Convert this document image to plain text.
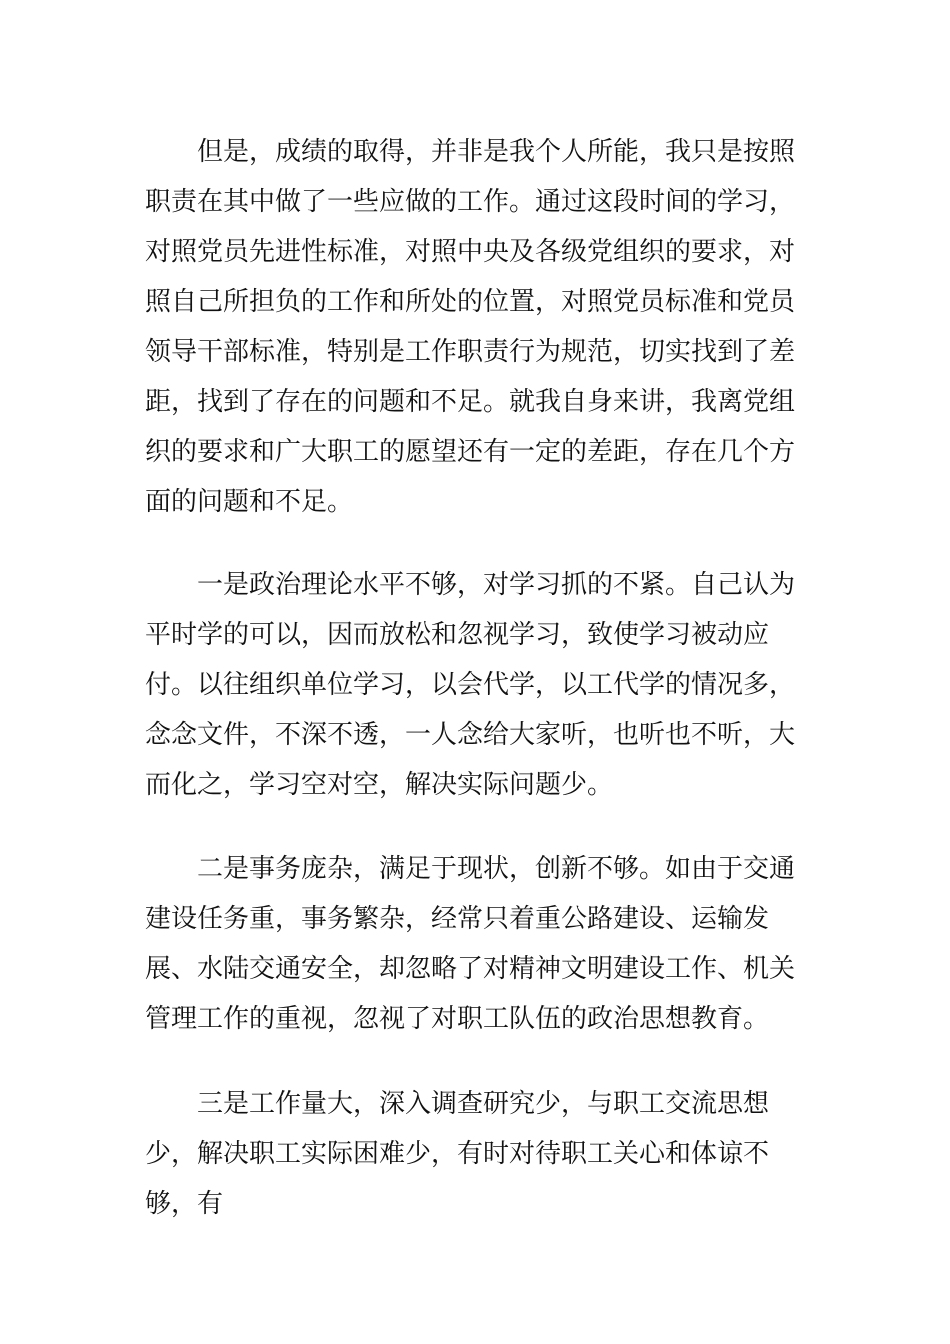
但是，成绩的取得，并非是我个人所能，我只是按照职责在其中做了一些应做的工作。通过这段时间的学习，对照党员先进性标准，对照中央及各级党组织的要求，对照自己所担负的工作和所处的位置，对照党员标准和党员领导干部标准，特别是工作职责行为规范，切实找到了差距，找到了存在的问题和不足。就我自身来讲，我离党组织的要求和广大职工的愿望还有一定的差距，存在几个方面的问题和不足。

一是政治理论水平不够，对学习抓的不紧。自己认为平时学的可以，因而放松和忽视学习，致使学习被动应付。以往组织单位学习，以会代学，以工代学的情况多，念念文件，不深不透，一人念给大家听，也听也不听，大而化之，学习空对空，解决实际问题少。

二是事务庞杂，满足于现状，创新不够。如由于交通建设任务重，事务繁杂，经常只着重公路建设、运输发展、水陆交通安全，却忽略了对精神文明建设工作、机关管理工作的重视，忽视了对职工队伍的政治思想教育。

三是工作量大，深入调查研究少，与职工交流思想少，解决职工实际困难少，有时对待职工关心和体谅不够，有
